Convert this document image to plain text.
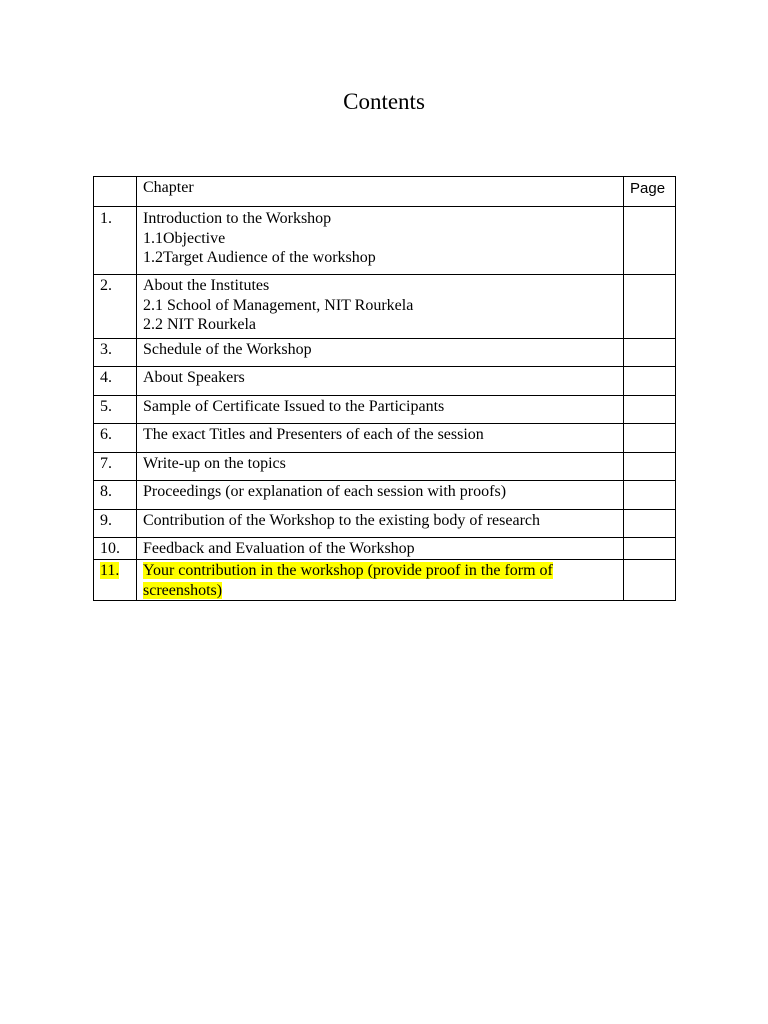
Contents
	Chapter	Page
1.	Introduction to the Workshop
1.1Objective
1.2Target Audience of the workshop	

2.	About the Institutes
2.1 School of Management, NIT Rourkela
2.2 NIT Rourkela	

3.	Schedule of the Workshop	

4.	About Speakers	

5.	Sample of Certificate Issued to the Participants	

6.	The exact Titles and Presenters of each of the session	

7.	Write-up on the topics	

8.	Proceedings (or explanation of each session with proofs)	

9.	Contribution of the Workshop to the existing body of research	

10.	Feedback and Evaluation of the Workshop	

11.	Your contribution in the workshop (provide proof in the form of
screenshots)	
